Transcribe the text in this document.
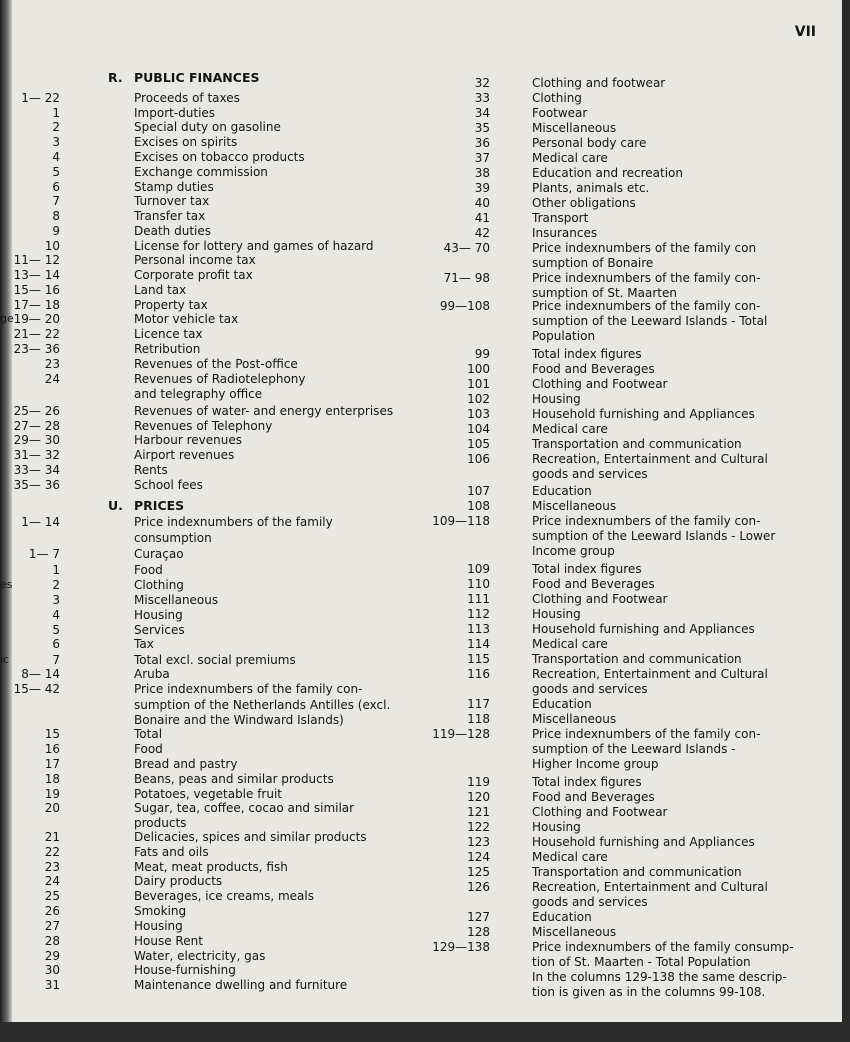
VII
R. PUBLIC FINANCES
U. PRICES
ge
es
ic
1— 22
1
2
3
4
5
6
7
8
9
10
11— 12
13— 14
15— 16
17— 18
19— 20
21— 22
23— 36
23
24
25— 26
27— 28
29— 30
31— 32
33— 34
35— 36
1— 14
1— 7
1
2
3
4
5
6
7
8— 14
15— 42
15
16
17
18
19
20
21
22
23
24
25
26
27
28
29
30
31
Proceeds of taxes
Import-duties
Special duty on gasoline
Excises on spirits
Excises on tobacco products
Exchange commission
Stamp duties
Turnover tax
Transfer tax
Death duties
License for lottery and games of hazard
Personal income tax
Corporate profit tax
Land tax
Property tax
Motor vehicle tax
Licence tax
Retribution
Revenues of the Post-office
Revenues of Radiotelephony
and telegraphy office
Revenues of water- and energy enterprises
Revenues of Telephony
Harbour revenues
Airport revenues
Rents
School fees
Price indexnumbers of the family
consumption
Curaçao
Food
Clothing
Miscellaneous
Housing
Services
Tax
Total excl. social premiums
Aruba
Price indexnumbers of the family con-
sumption of the Netherlands Antilles (excl.
Bonaire and the Windward Islands)
Total
Food
Bread and pastry
Beans, peas and similar products
Potatoes, vegetable fruit
Sugar, tea, coffee, cocao and similar
products
Delicacies, spices and similar products
Fats and oils
Meat, meat products, fish
Dairy products
Beverages, ice creams, meals
Smoking
Housing
House Rent
Water, electricity, gas
House-furnishing
Maintenance dwelling and furniture
32
33
34
35
36
37
38
39
40
41
42
43— 70
71— 98
99—108
99
100
101
102
103
104
105
106
107
108
109—118
109
110
111
112
113
114
115
116
117
118
119—128
119
120
121
122
123
124
125
126
127
128
129—138
Clothing and footwear
Clothing
Footwear
Miscellaneous
Personal body care
Medical care
Education and recreation
Plants, animals etc.
Other obligations
Transport
Insurances
Price indexnumbers of the family con
sumption of Bonaire
Price indexnumbers of the family con-
sumption of St. Maarten
Price indexnumbers of the family con-
sumption of the Leeward Islands - Total
Population
Total index figures
Food and Beverages
Clothing and Footwear
Housing
Household furnishing and Appliances
Medical care
Transportation and communication
Recreation, Entertainment and Cultural
goods and services
Education
Miscellaneous
Price indexnumbers of the family con-
sumption of the Leeward Islands - Lower
Income group
Total index figures
Food and Beverages
Clothing and Footwear
Housing
Household furnishing and Appliances
Medical care
Transportation and communication
Recreation, Entertainment and Cultural
goods and services
Education
Miscellaneous
Price indexnumbers of the family con-
sumption of the Leeward Islands -
Higher Income group
Total index figures
Food and Beverages
Clothing and Footwear
Housing
Household furnishing and Appliances
Medical care
Transportation and communication
Recreation, Entertainment and Cultural
goods and services
Education
Miscellaneous
Price indexnumbers of the family consump-
tion of St. Maarten - Total Population
In the columns 129-138 the same descrip-
tion is given as in the columns 99-108.
